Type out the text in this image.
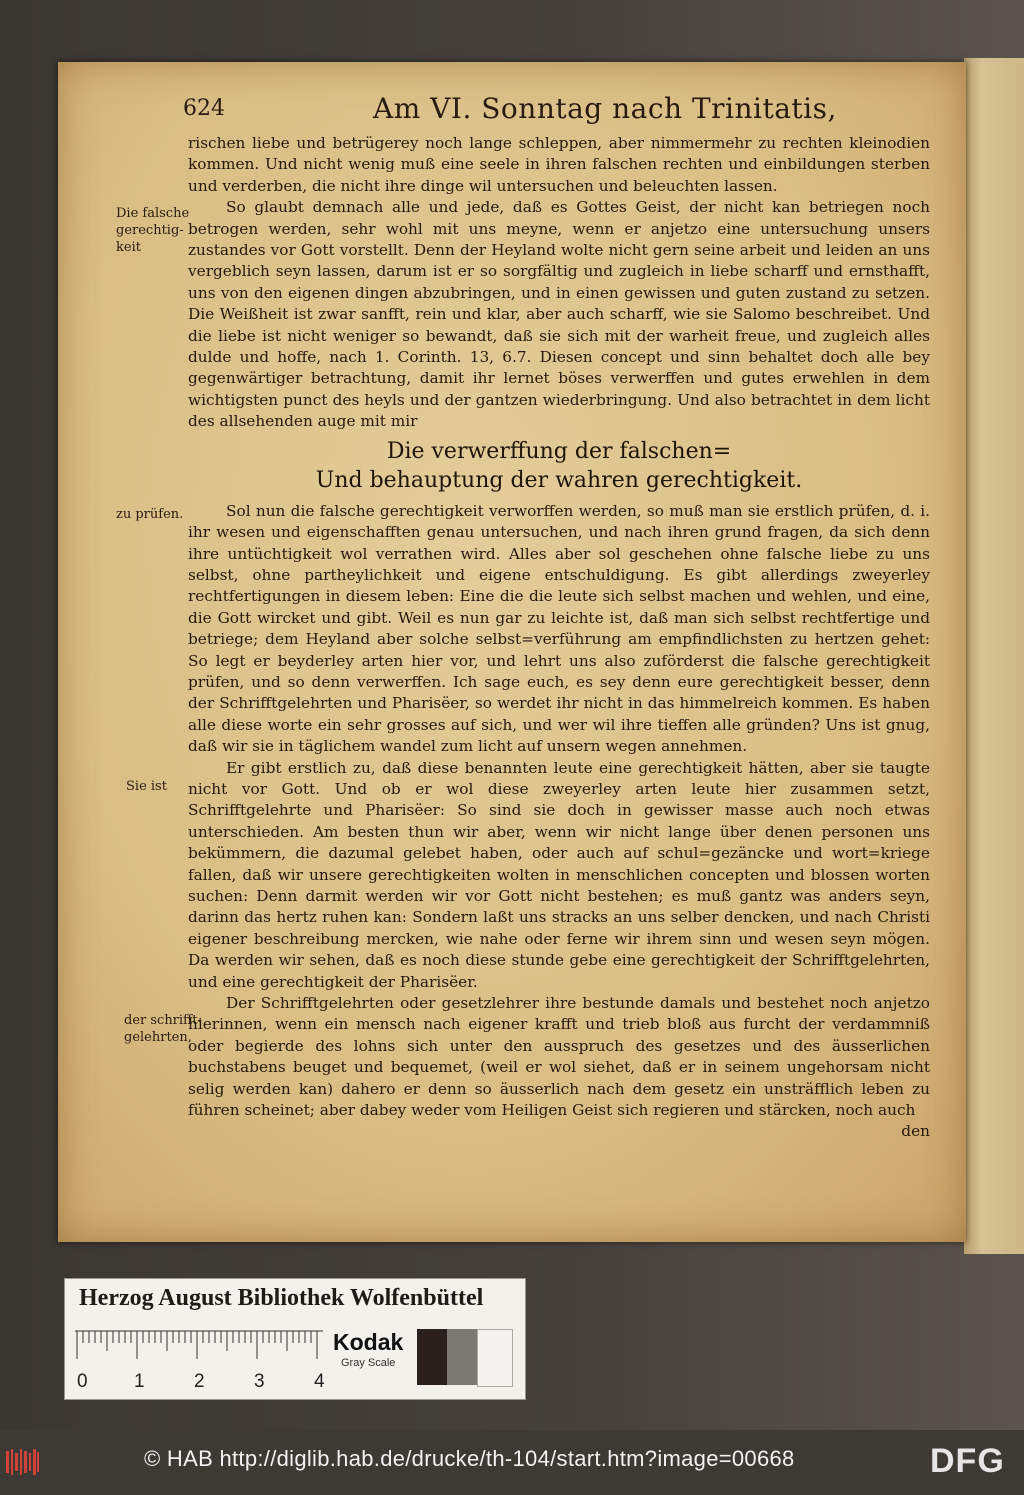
624	Am VI. Sonntag nach Trinitatis,
Die falsche
gerechtig-
keit
zu prüfen.
Sie ist
der schrifft-
gelehrten,

rischen liebe und betrügerey noch lange schleppen, aber nimmermehr zu rechten kleinodien kommen. Und nicht wenig muß eine seele in ihren falschen rechten und einbildungen sterben und verderben, die nicht ihre dinge wil untersuchen und beleuchten lassen.

So glaubt demnach alle und jede, daß es Gottes Geist, der nicht kan betriegen noch betrogen werden, sehr wohl mit uns meyne, wenn er anjetzo eine untersuchung unsers zustandes vor Gott vorstellt. Denn der Heyland wolte nicht gern seine arbeit und leiden an uns vergeblich seyn lassen, darum ist er so sorgfältig und zugleich in liebe scharff und ernsthafft, uns von den eigenen dingen abzubringen, und in einen gewissen und guten zustand zu setzen. Die Weißheit ist zwar sanfft, rein und klar, aber auch scharff, wie sie Salomo beschreibet. Und die liebe ist nicht weniger so bewandt, daß sie sich mit der warheit freue, und zugleich alles dulde und hoffe, nach 1. Corinth. 13, 6.7. Diesen concept und sinn behaltet doch alle bey gegenwärtiger betrachtung, damit ihr lernet böses verwerffen und gutes erwehlen in dem wichtigsten punct des heyls und der gantzen wiederbringung. Und also betrachtet in dem licht des allsehenden auge mit mir

Die verwerffung der falschen=
Und behauptung der wahren gerechtigkeit.

Sol nun die falsche gerechtigkeit verworffen werden, so muß man sie erstlich prüfen, d. i. ihr wesen und eigenschafften genau untersuchen, und nach ihren grund fragen, da sich denn ihre untüchtigkeit wol verrathen wird. Alles aber sol geschehen ohne falsche liebe zu uns selbst, ohne partheylichkeit und eigene entschuldigung. Es gibt allerdings zweyerley rechtfertigungen in diesem leben: Eine die die leute sich selbst machen und wehlen, und eine, die Gott wircket und gibt. Weil es nun gar zu leichte ist, daß man sich selbst rechtfertige und betriege; dem Heyland aber solche selbst=verführung am empfindlichsten zu hertzen gehet: So legt er beyderley arten hier vor, und lehrt uns also zuförderst die falsche gerechtigkeit prüfen, und so denn verwerffen. Ich sage euch, es sey denn eure gerechtigkeit besser, denn der Schrifftgelehrten und Pharisëer, so werdet ihr nicht in das himmelreich kommen. Es haben alle diese worte ein sehr grosses auf sich, und wer wil ihre tieffen alle gründen? Uns ist gnug, daß wir sie in täglichem wandel zum licht auf unsern wegen annehmen.

Er gibt erstlich zu, daß diese benannten leute eine gerechtigkeit hätten, aber sie taugte nicht vor Gott. Und ob er wol diese zweyerley arten leute hier zusammen setzt, Schrifftgelehrte und Pharisëer: So sind sie doch in gewisser masse auch noch etwas unterschieden. Am besten thun wir aber, wenn wir nicht lange über denen personen uns bekümmern, die dazumal gelebet haben, oder auch auf schul=gezäncke und wort=kriege fallen, daß wir unsere gerechtigkeiten wolten in menschlichen concepten und blossen worten suchen: Denn darmit werden wir vor Gott nicht bestehen; es muß gantz was anders seyn, darinn das hertz ruhen kan: Sondern laßt uns stracks an uns selber dencken, und nach Christi eigener beschreibung mercken, wie nahe oder ferne wir ihrem sinn und wesen seyn mögen. Da werden wir sehen, daß es noch diese stunde gebe eine gerechtigkeit der Schrifftgelehrten, und eine gerechtigkeit der Pharisëer.

Der Schrifftgelehrten oder gesetzlehrer ihre bestunde damals und bestehet noch anjetzo hierinnen, wenn ein mensch nach eigener krafft und trieb bloß aus furcht der verdammniß oder begierde des lohns sich unter den ausspruch des gesetzes und des äusserlichen buchstabens beuget und bequemet, (weil er wol siehet, daß er in seinem ungehorsam nicht selig werden kan) dahero er denn so äusserlich nach dem gesetz ein unsträfflich leben zu führen scheinet; aber dabey weder vom Heiligen Geist sich regieren und stärcken, noch auch

den

Herzog August Bibliothek Wolfenbüttel
0 1	2	3	4
Kodak
Gray Scale
© HAB http://diglib.hab.de/drucke/th-104/start.htm?image=00668	DFG
